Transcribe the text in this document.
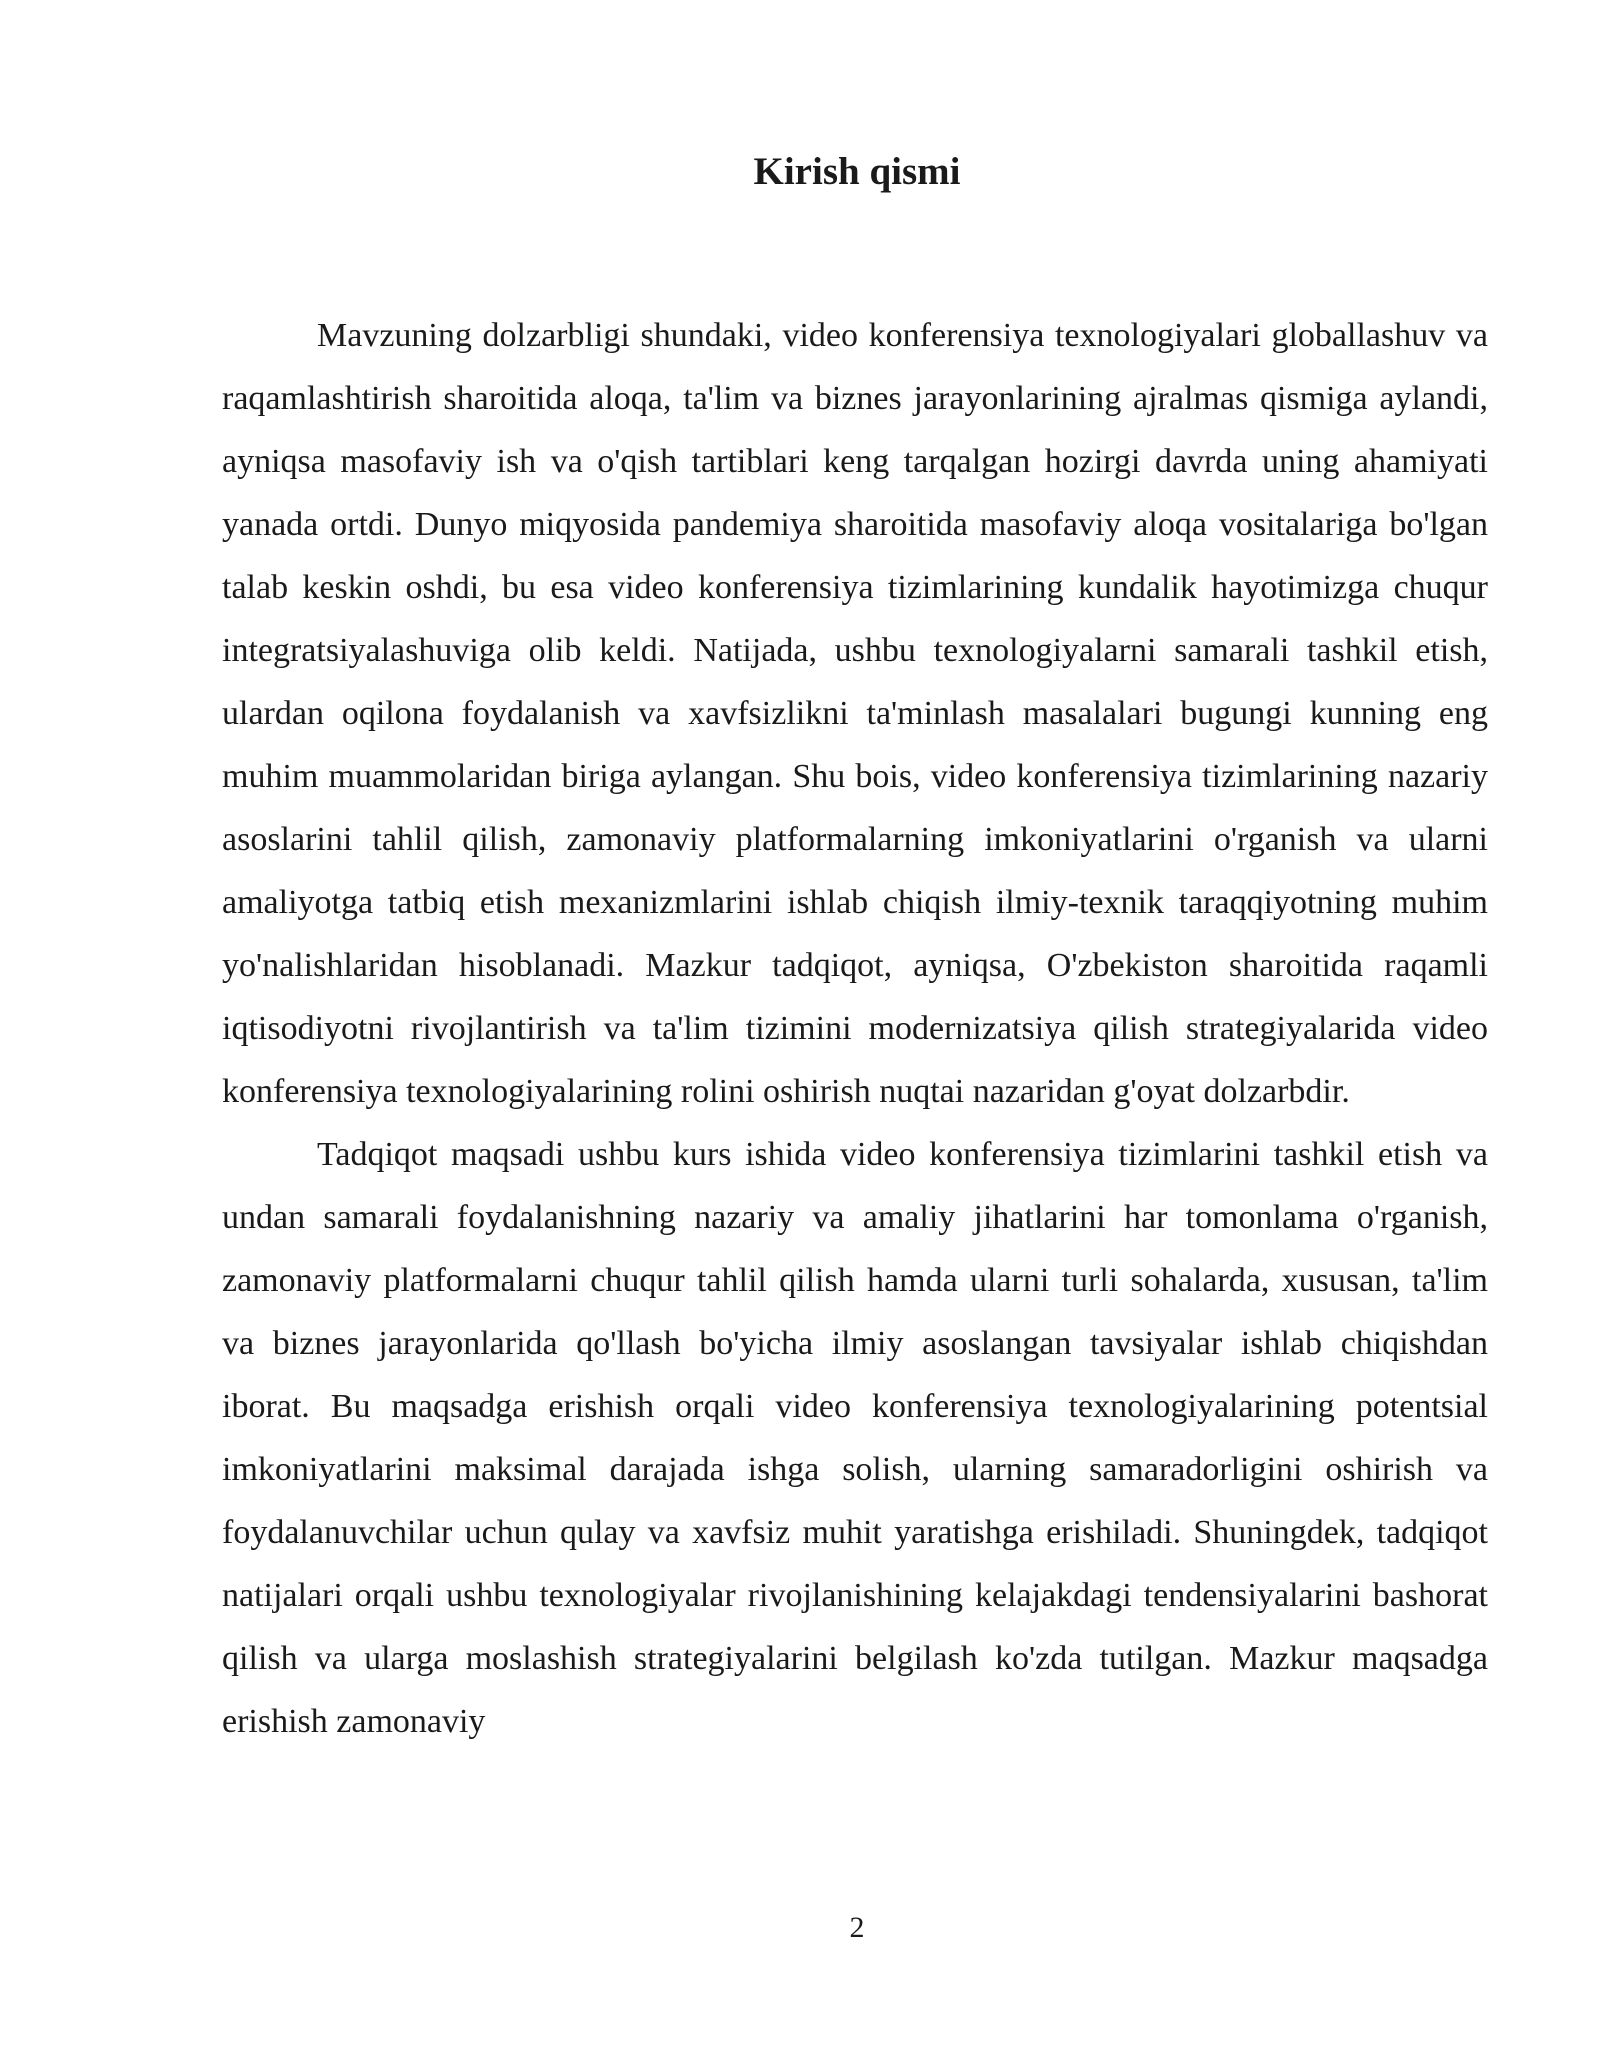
Kirish qismi

Mavzuning dolzarbligi shundaki, video konferensiya texnologiyalari globallashuv va raqamlashtirish sharoitida aloqa, ta'lim va biznes jarayonlarining ajralmas qismiga aylandi, ayniqsa masofaviy ish va o'qish tartiblari keng tarqalgan hozirgi davrda uning ahamiyati yanada ortdi. Dunyo miqyosida pandemiya sharoitida masofaviy aloqa vositalariga bo'lgan talab keskin oshdi, bu esa video konferensiya tizimlarining kundalik hayotimizga chuqur integratsiyalashuviga olib keldi. Natijada, ushbu texnologiyalarni samarali tashkil etish, ulardan oqilona foydalanish va xavfsizlikni ta'minlash masalalari bugungi kunning eng muhim muammolaridan biriga aylangan. Shu bois, video konferensiya tizimlarining nazariy asoslarini tahlil qilish, zamonaviy platformalarning imkoniyatlarini o'rganish va ularni amaliyotga tatbiq etish mexanizmlarini ishlab chiqish ilmiy-texnik taraqqiyotning muhim yo'nalishlaridan hisoblanadi. Mazkur tadqiqot, ayniqsa, O'zbekiston sharoitida raqamli iqtisodiyotni rivojlantirish va ta'lim tizimini modernizatsiya qilish strategiyalarida video konferensiya texnologiyalarining rolini oshirish nuqtai nazaridan g'oyat dolzarbdir.

Tadqiqot maqsadi ushbu kurs ishida video konferensiya tizimlarini tashkil etish va undan samarali foydalanishning nazariy va amaliy jihatlarini har tomonlama o'rganish, zamonaviy platformalarni chuqur tahlil qilish hamda ularni turli sohalarda, xususan, ta'lim va biznes jarayonlarida qo'llash bo'yicha ilmiy asoslangan tavsiyalar ishlab chiqishdan iborat. Bu maqsadga erishish orqali video konferensiya texnologiyalarining potentsial imkoniyatlarini maksimal darajada ishga solish, ularning samaradorligini oshirish va foydalanuvchilar uchun qulay va xavfsiz muhit yaratishga erishiladi. Shuningdek, tadqiqot natijalari orqali ushbu texnologiyalar rivojlanishining kelajakdagi tendensiyalarini bashorat qilish va ularga moslashish strategiyalarini belgilash ko'zda tutilgan. Mazkur maqsadga erishish zamonaviy

2
